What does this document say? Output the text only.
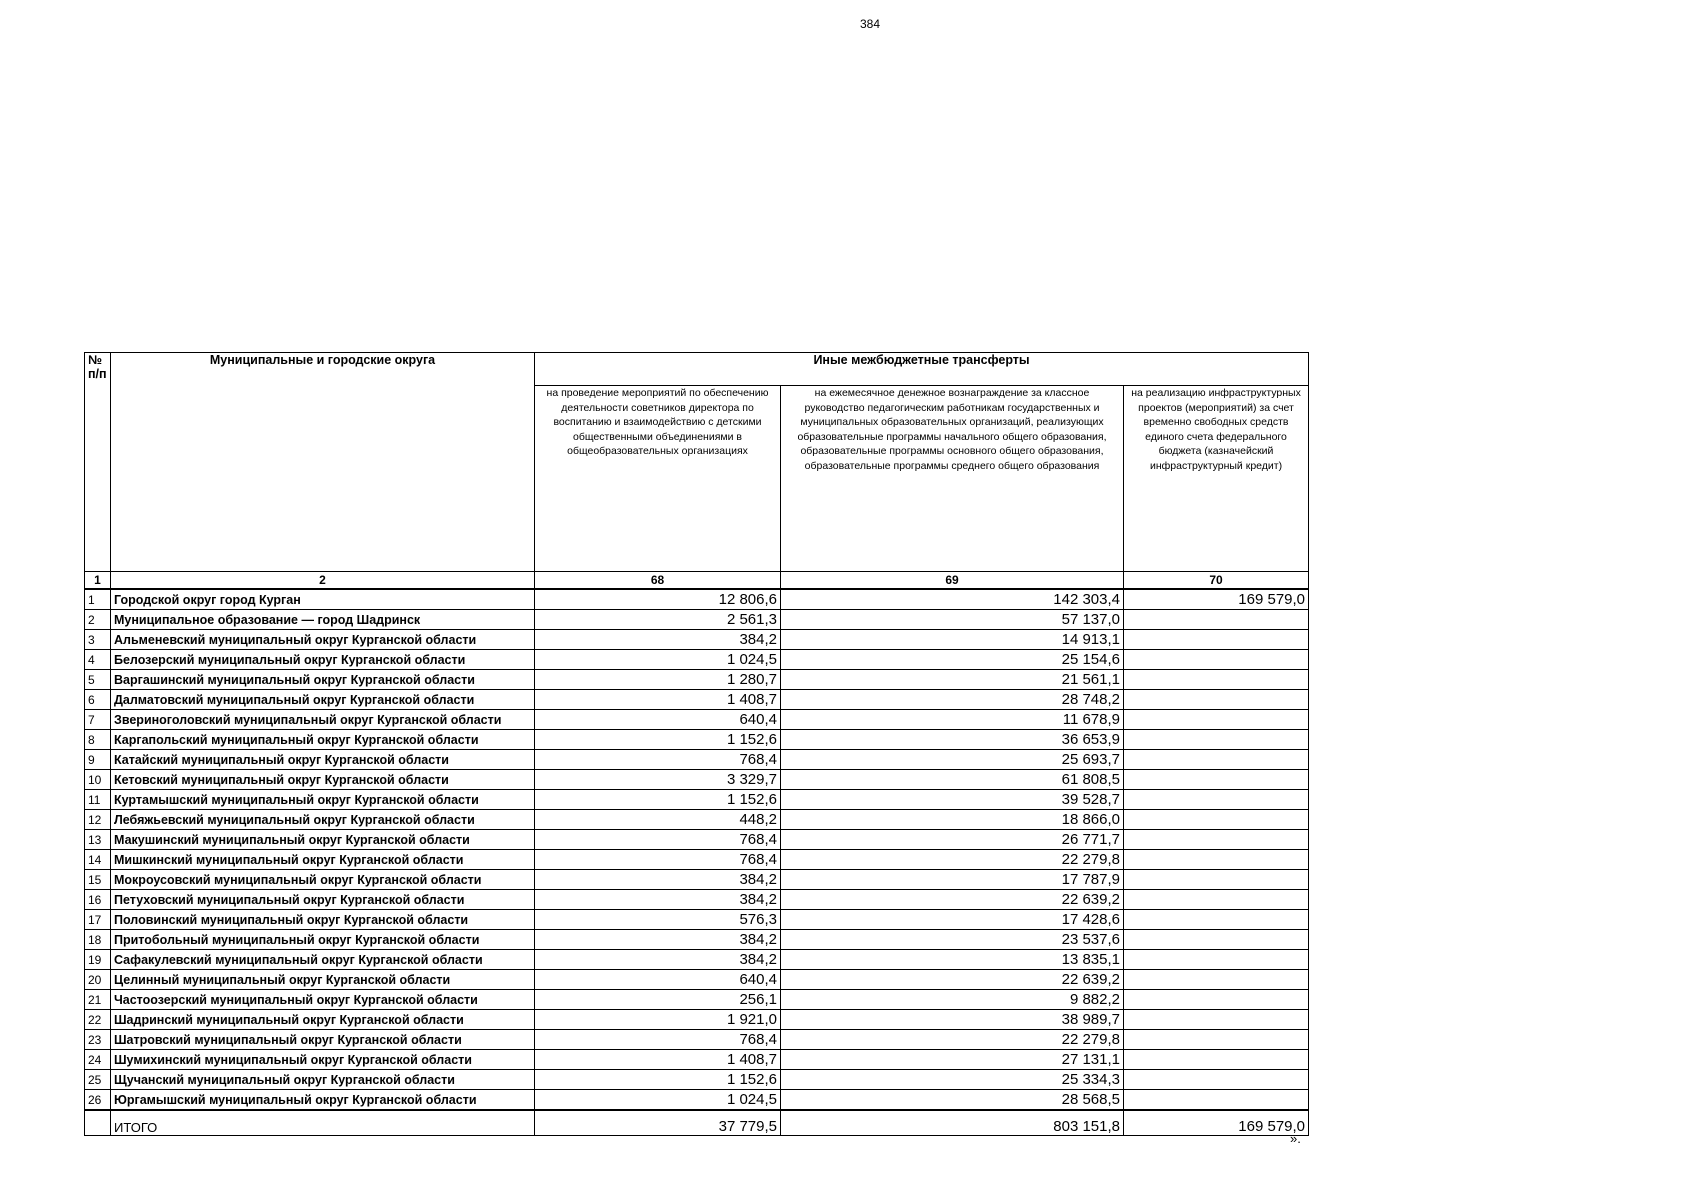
384
№ п/п	Муниципальные и городские округа	Иные межбюджетные трансферты		
		на проведение мероприятий по обеспечению деятельности советников директора по воспитанию и взаимодействию с детскими общественными объединениями в общеобразовательных организациях	на ежемесячное денежное вознаграждение за классное руководство педагогическим работникам государственных и муниципальных образовательных организаций, реализующих образовательные программы начального общего образования, образовательные программы основного общего образования, образовательные программы среднего общего образования	на реализацию инфраструктурных проектов (мероприятий) за счет временно свободных средств единого счета федерального бюджета (казначейский инфраструктурный кредит)
1	2	68	69	70
1	Городской округ город Курган	12 806,6	142 303,4	169 579,0
2	Муниципальное образование — город Шадринск	2 561,3	57 137,0	
3	Альменевский муниципальный округ Курганской области	384,2	14 913,1	
4	Белозерский муниципальный округ Курганской области	1 024,5	25 154,6	
5	Варгашинский муниципальный округ Курганской области	1 280,7	21 561,1	
6	Далматовский муниципальный округ Курганской области	1 408,7	28 748,2	
7	Звериноголовский муниципальный округ Курганской области	640,4	11 678,9	
8	Каргапольский муниципальный округ Курганской области	1 152,6	36 653,9	
9	Катайский муниципальный округ Курганской области	768,4	25 693,7	
10	Кетовский муниципальный округ Курганской области	3 329,7	61 808,5	
11	Куртамышский муниципальный округ Курганской области	1 152,6	39 528,7	
12	Лебяжьевский муниципальный округ Курганской области	448,2	18 866,0	
13	Макушинский муниципальный округ Курганской области	768,4	26 771,7	
14	Мишкинский муниципальный округ Курганской области	768,4	22 279,8	
15	Мокроусовский муниципальный округ Курганской области	384,2	17 787,9	
16	Петуховский муниципальный округ Курганской области	384,2	22 639,2	
17	Половинский муниципальный округ Курганской области	576,3	17 428,6	
18	Притобольный муниципальный округ Курганской области	384,2	23 537,6	
19	Сафакулевский муниципальный округ Курганской области	384,2	13 835,1	
20	Целинный муниципальный округ Курганской области	640,4	22 639,2	
21	Частоозерский муниципальный округ Курганской области	256,1	9 882,2	
22	Шадринский муниципальный округ Курганской области	1 921,0	38 989,7	
23	Шатровский муниципальный округ Курганской области	768,4	22 279,8	
24	Шумихинский муниципальный округ Курганской области	1 408,7	27 131,1	
25	Щучанский муниципальный округ Курганской области	1 152,6	25 334,3	
26	Юргамышский муниципальный округ Курганской области	1 024,5	28 568,5	
	ИТОГО	37 779,5	803 151,8	169 579,0
».
